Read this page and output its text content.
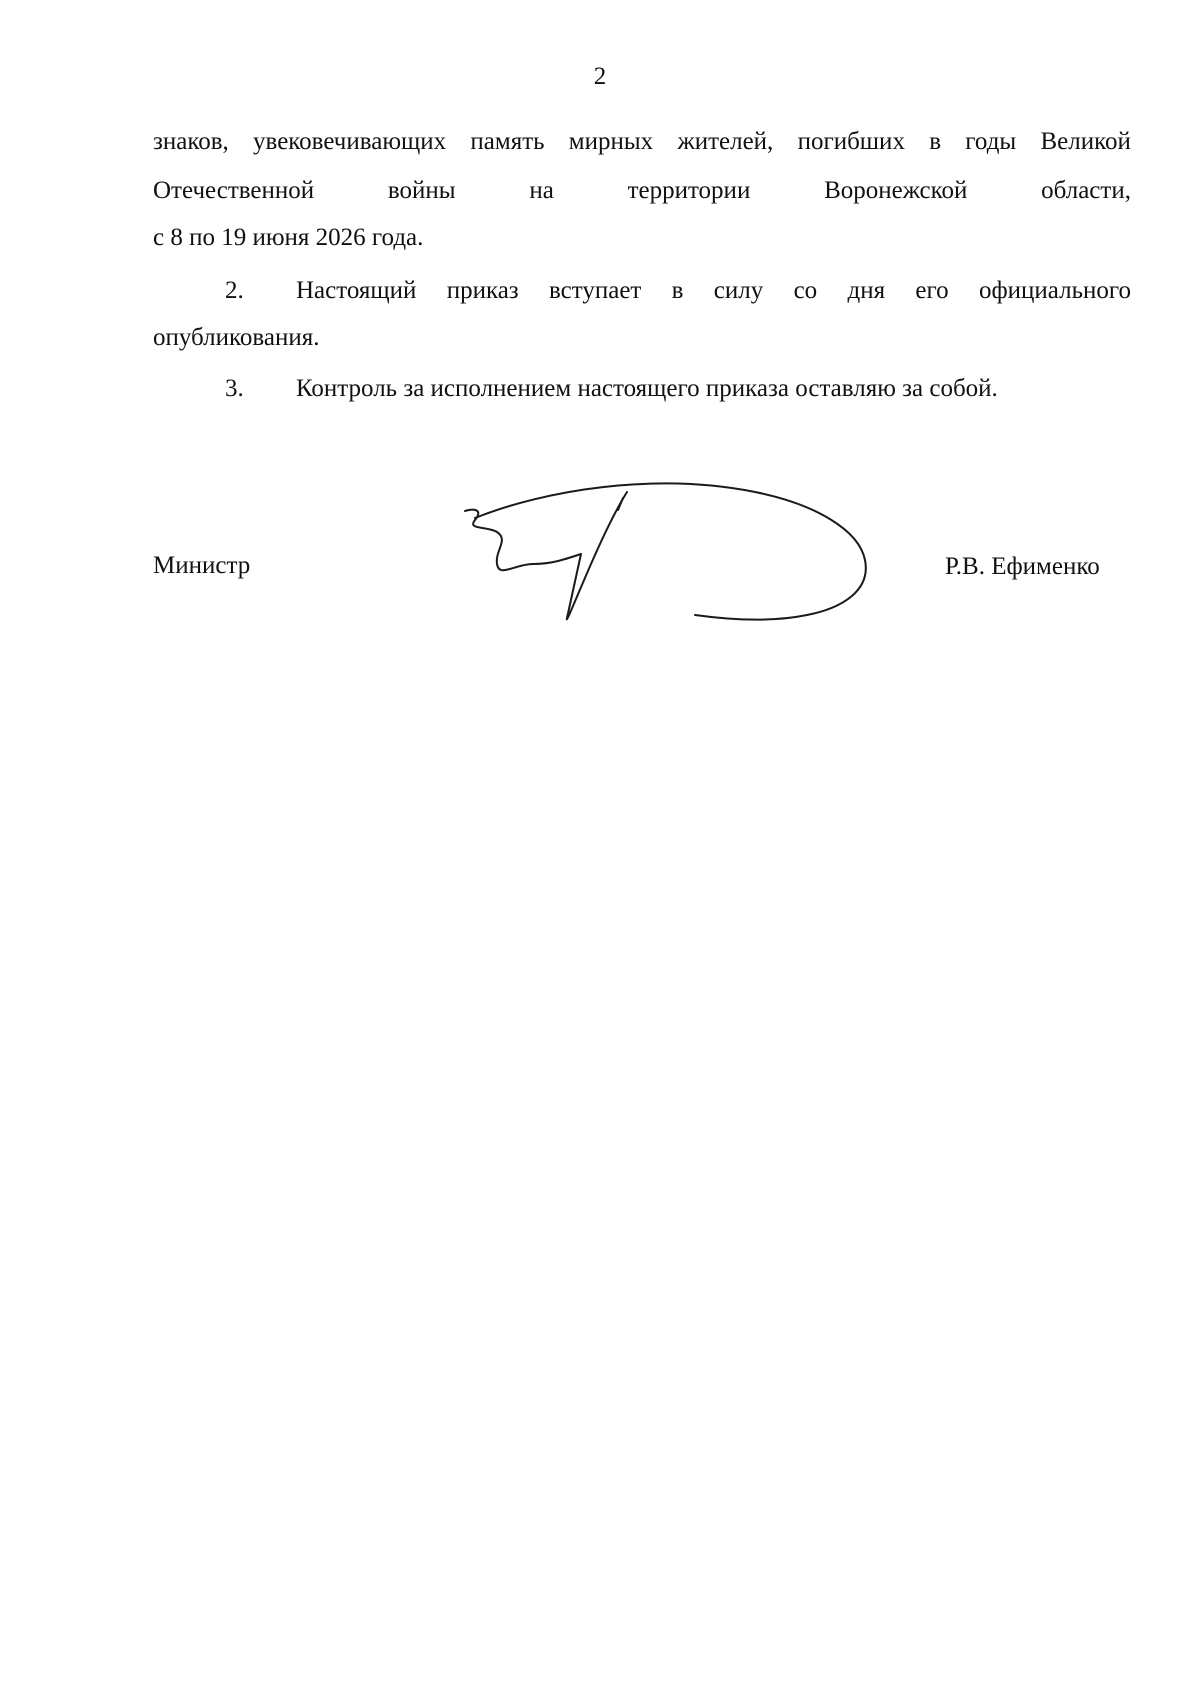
2
знаков, увековечивающих память мирных жителей, погибших в годы Великой
Отечественной	войны	на	территории	Воронежской	области,
с 8 по 19 июня 2026 года.
2. Настоящий приказ вступает в силу со дня его официального
опубликования.
3. Контроль за исполнением настоящего приказа оставляю за собой.
Министр	Р.В. Ефименко
